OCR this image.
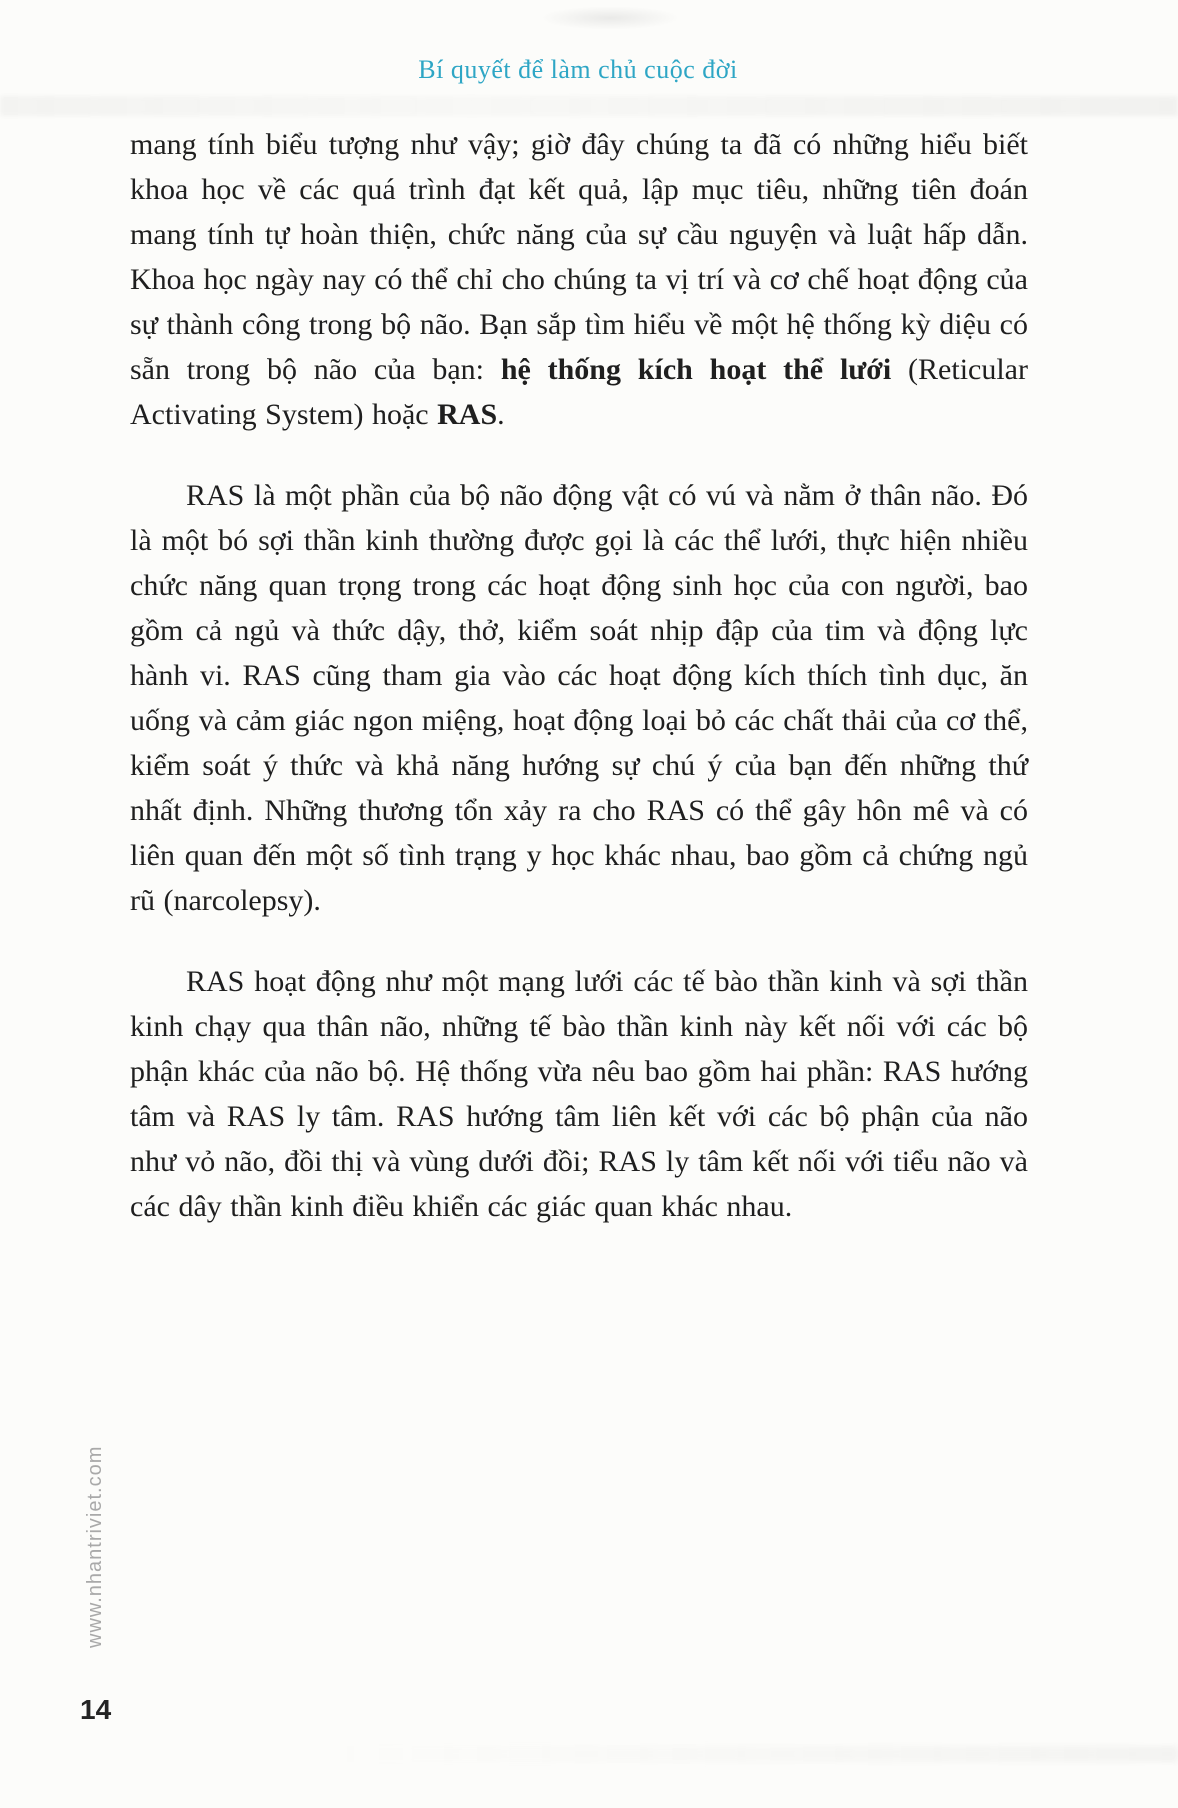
Bí quyết để làm chủ cuộc đời

mang tính biểu tượng như vậy; giờ đây chúng ta đã có những hiểu biết khoa học về các quá trình đạt kết quả, lập mục tiêu, những tiên đoán mang tính tự hoàn thiện, chức năng của sự cầu nguyện và luật hấp dẫn. Khoa học ngày nay có thể chỉ cho chúng ta vị trí và cơ chế hoạt động của sự thành công trong bộ não. Bạn sắp tìm hiểu về một hệ thống kỳ diệu có sẵn trong bộ não của bạn: hệ thống kích hoạt thể lưới (Reticular Activating System) hoặc RAS.

RAS là một phần của bộ não động vật có vú và nằm ở thân não. Đó là một bó sợi thần kinh thường được gọi là các thể lưới, thực hiện nhiều chức năng quan trọng trong các hoạt động sinh học của con người, bao gồm cả ngủ và thức dậy, thở, kiểm soát nhịp đập của tim và động lực hành vi. RAS cũng tham gia vào các hoạt động kích thích tình dục, ăn uống và cảm giác ngon miệng, hoạt động loại bỏ các chất thải của cơ thể, kiểm soát ý thức và khả năng hướng sự chú ý của bạn đến những thứ nhất định. Những thương tổn xảy ra cho RAS có thể gây hôn mê và có liên quan đến một số tình trạng y học khác nhau, bao gồm cả chứng ngủ rũ (narcolepsy).

RAS hoạt động như một mạng lưới các tế bào thần kinh và sợi thần kinh chạy qua thân não, những tế bào thần kinh này kết nối với các bộ phận khác của não bộ. Hệ thống vừa nêu bao gồm hai phần: RAS hướng tâm và RAS ly tâm. RAS hướng tâm liên kết với các bộ phận của não như vỏ não, đồi thị và vùng dưới đồi; RAS ly tâm kết nối với tiểu não và các dây thần kinh điều khiển các giác quan khác nhau.

www.nhantriviet.com
14
